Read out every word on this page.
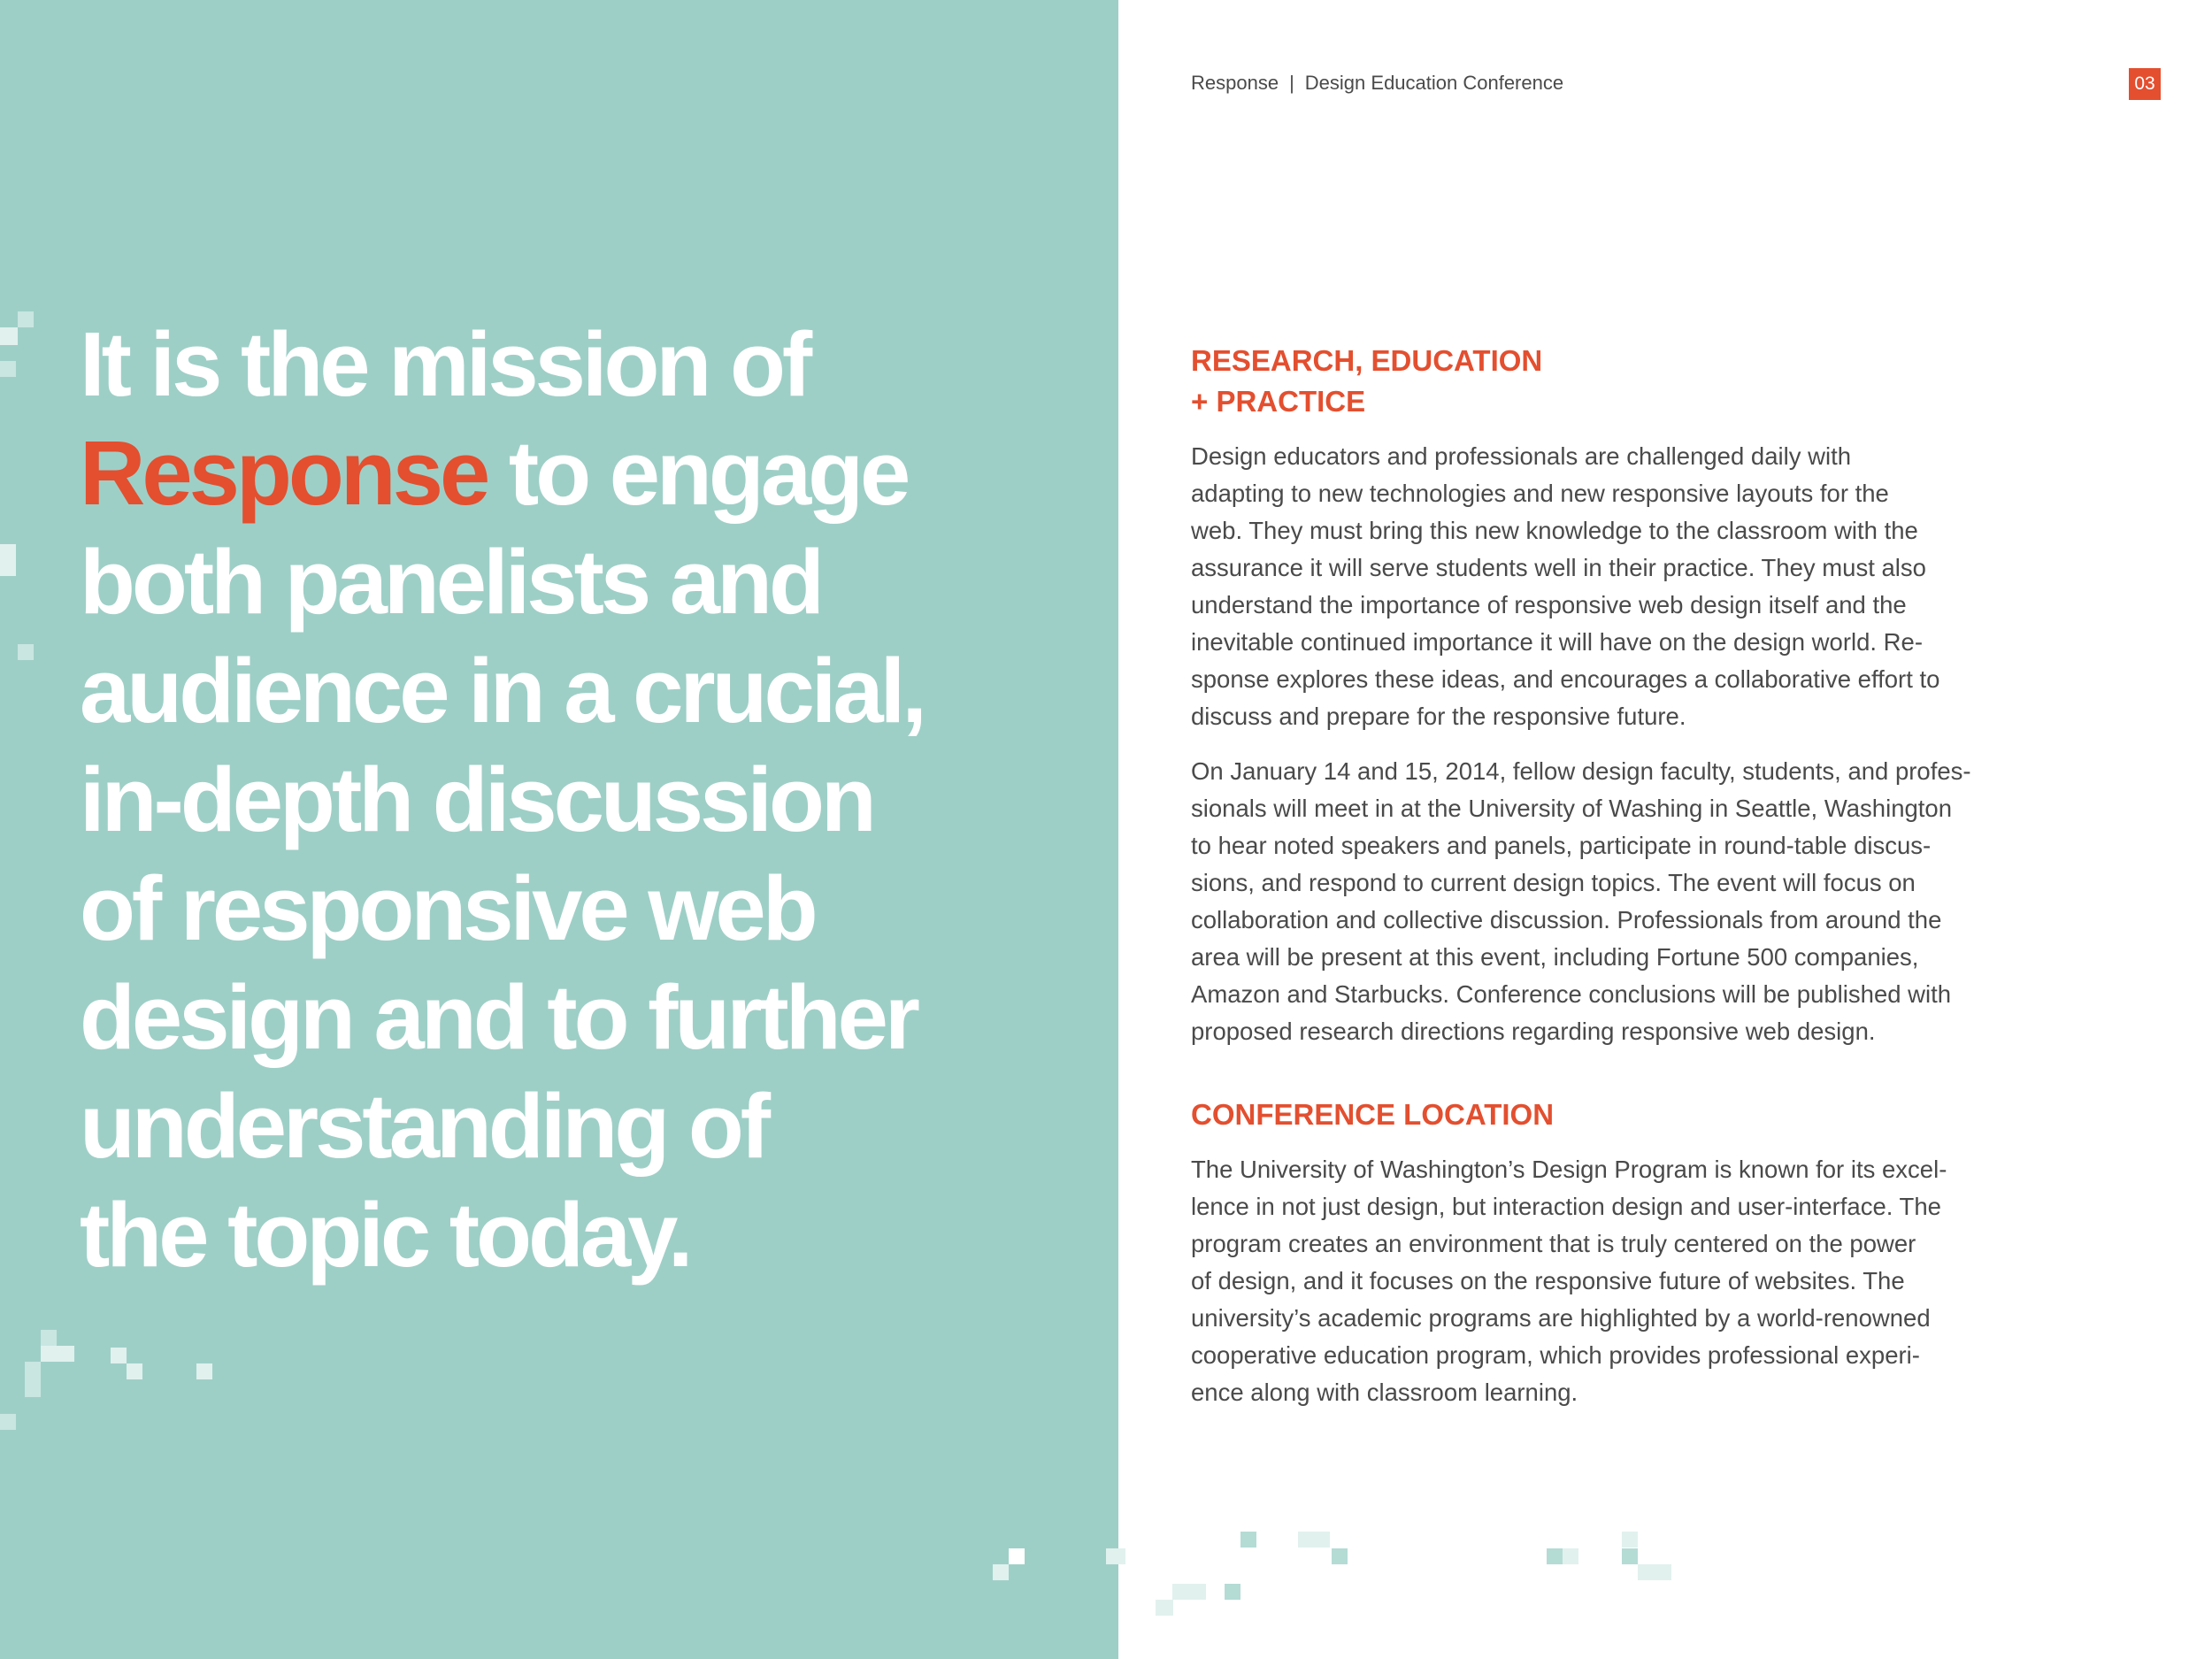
It is the mission of
Response to engage
both panelists and
audience in a crucial,
in-depth discussion
of responsive web
design and to further
understanding of
the topic today.
Response | Design Education Conference	03
RESEARCH, EDUCATION
+ PRACTICE

Design educators and professionals are challenged daily with
adapting to new technologies and new responsive layouts for the
web. They must bring this new knowledge to the classroom with the
assurance it will serve students well in their practice. They must also
understand the importance of responsive web design itself and the
inevitable continued importance it will have on the design world. Re-
sponse explores these ideas, and encourages a collaborative effort to
discuss and prepare for the responsive future.

On January 14 and 15, 2014, fellow design faculty, students, and profes-
sionals will meet in at the University of Washing in Seattle, Washington
to hear noted speakers and panels, participate in round-table discus-
sions, and respond to current design topics. The event will focus on
collaboration and collective discussion. Professionals from around the
area will be present at this event, including Fortune 500 companies,
Amazon and Starbucks. Conference conclusions will be published with
proposed research directions regarding responsive web design.

CONFERENCE LOCATION

The University of Washington’s Design Program is known for its excel-
lence in not just design, but interaction design and user-interface. The
program creates an environment that is truly centered on the power
of design, and it focuses on the responsive future of websites. The
university’s academic programs are highlighted by a world-renowned
cooperative education program, which provides professional experi-
ence along with classroom learning.
